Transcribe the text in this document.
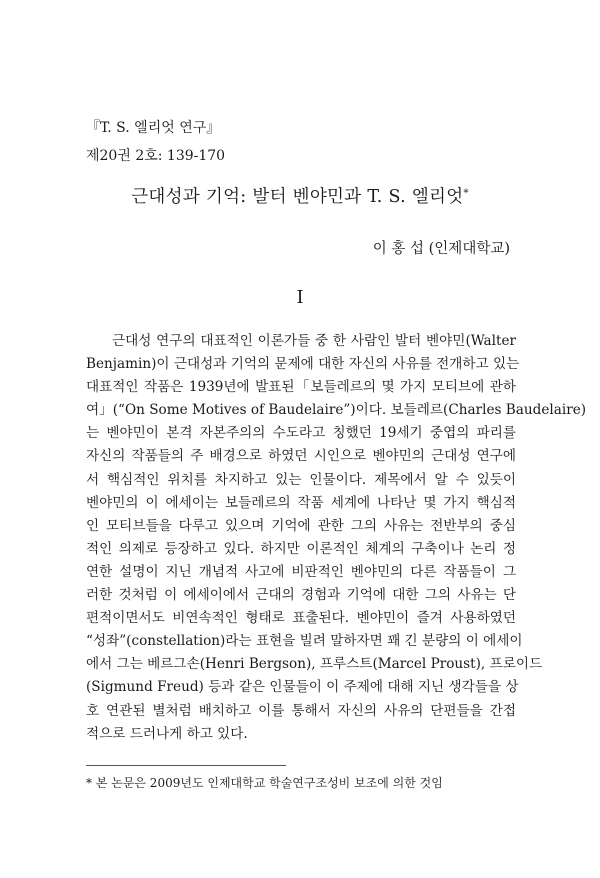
『T. S. 엘리엇 연구』
제20권 2호: 139-170
근대성과 기억: 발터 벤야민과 T. S. 엘리엇*
이 홍 섭 (인제대학교)
I
근대성 연구의 대표적인 이론가들 중 한 사람인 발터 벤야민(Walter
Benjamin)이 근대성과 기억의 문제에 대한 자신의 사유를 전개하고 있는
대표적인 작품은 1939년에 발표된「보들레르의 몇 가지 모티브에 관하
여」(“On Some Motives of Baudelaire”)이다. 보들레르(Charles Baudelaire)
는 벤야민이 본격 자본주의의 수도라고 칭했던 19세기 중엽의 파리를
자신의 작품들의 주 배경으로 하였던 시인으로 벤야민의 근대성 연구에
서 핵심적인 위치를 차지하고 있는 인물이다. 제목에서 알 수 있듯이
벤야민의 이 에세이는 보들레르의 작품 세계에 나타난 몇 가지 핵심적
인 모티브들을 다루고 있으며 기억에 관한 그의 사유는 전반부의 중심
적인 의제로 등장하고 있다. 하지만 이론적인 체계의 구축이나 논리 정
연한 설명이 지닌 개념적 사고에 비판적인 벤야민의 다른 작품들이 그
러한 것처럼 이 에세이에서 근대의 경험과 기억에 대한 그의 사유는 단
편적이면서도 비연속적인 형태로 표출된다. 벤야민이 즐겨 사용하였던
“성좌”(constellation)라는 표현을 빌려 말하자면 꽤 긴 분량의 이 에세이
에서 그는 베르그손(Henri Bergson), 프루스트(Marcel Proust), 프로이드
(Sigmund Freud) 등과 같은 인물들이 이 주제에 대해 지닌 생각들을 상
호 연관된 별처럼 배치하고 이를 통해서 자신의 사유의 단편들을 간접
적으로 드러나게 하고 있다.
* 본 논문은 2009년도 인제대학교 학술연구조성비 보조에 의한 것임
